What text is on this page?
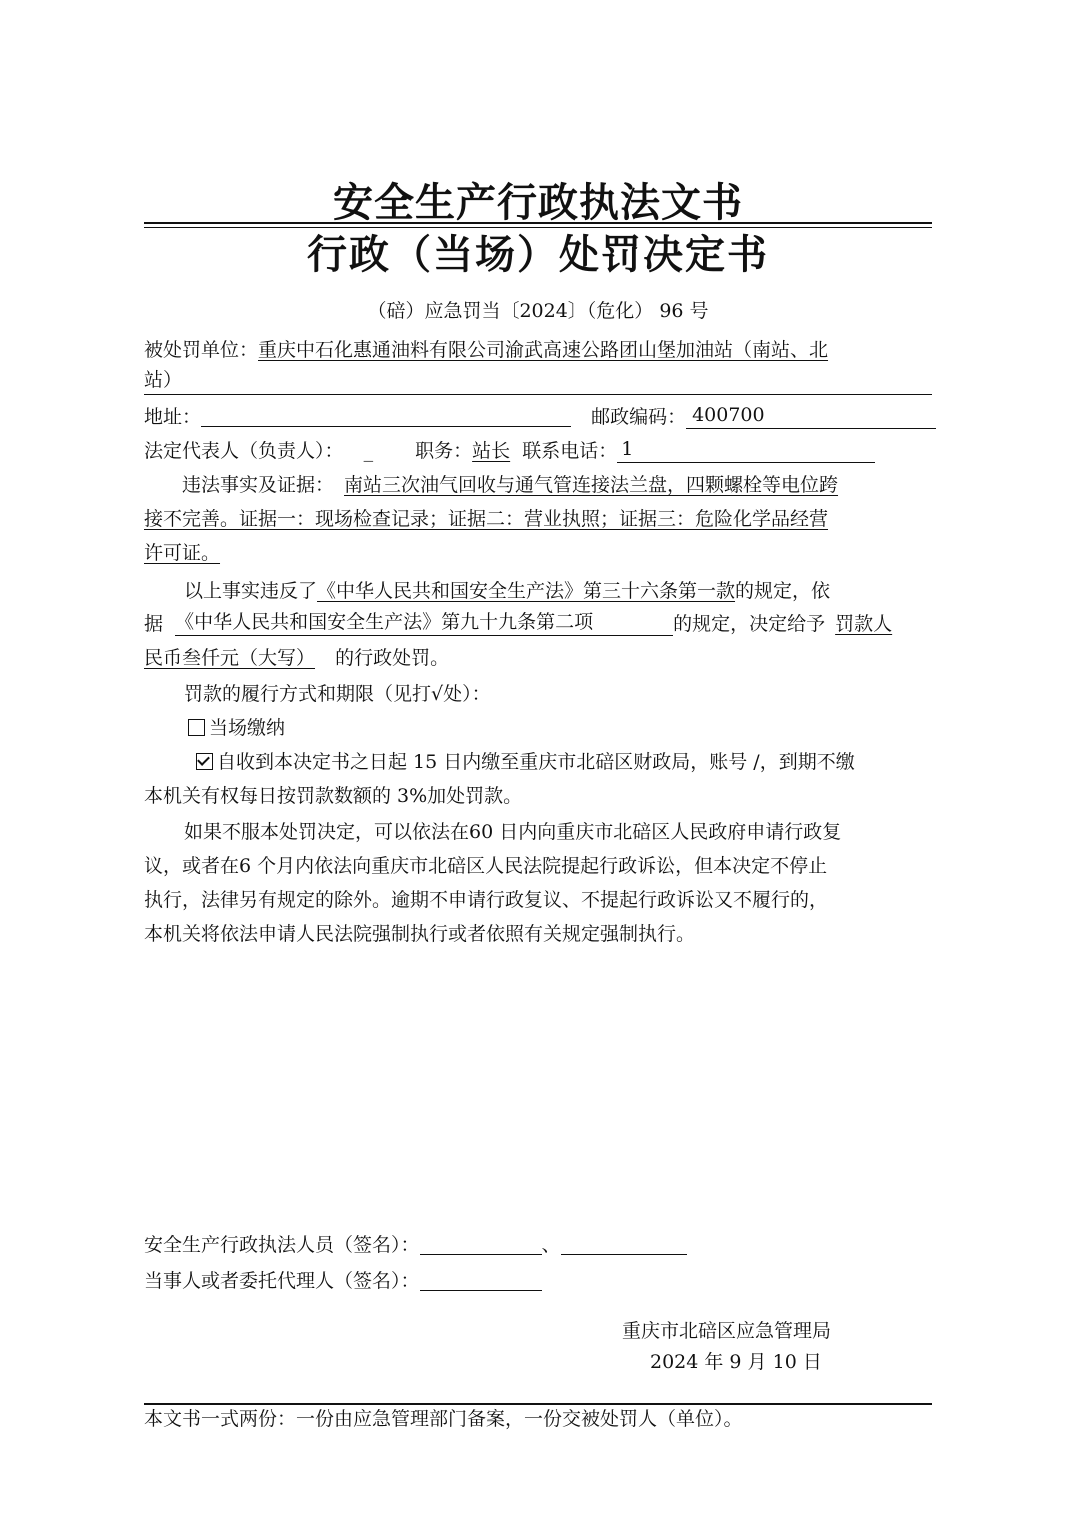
安全生产行政执法文书
行政（当场）处罚决定书
（碚）应急罚当〔2024〕（危化） 96 号
被处罚单位：重庆中石化惠通油料有限公司渝武高速公路团山堡加油站（南站、北
站）
地址：	邮政编码： 400700
法定代表人（负责人）： _ 职务：站长 联系电话： 1
违法事实及证据： 南站三次油气回收与通气管连接法兰盘，四颗螺栓等电位跨
接不完善。证据一：现场检查记录；证据二：营业执照；证据三：危险化学品经营
许可证。
以上事实违反了《中华人民共和国安全生产法》第三十六条第一款的规定，依
据 《中华人民共和国安全生产法》第九十九条第二项	的规定，决定给予 罚款人
民币叁仟元（大写） 的行政处罚。
罚款的履行方式和期限（见打√处）：
当场缴纳
自收到本决定书之日起 15 日内缴至重庆市北碚区财政局，账号 /，到期不缴
本机关有权每日按罚款数额的 3%加处罚款。
如果不服本处罚决定，可以依法在60 日内向重庆市北碚区人民政府申请行政复
议，或者在6 个月内依法向重庆市北碚区人民法院提起行政诉讼，但本决定不停止
执行，法律另有规定的除外。逾期不申请行政复议、不提起行政诉讼又不履行的，
本机关将依法申请人民法院强制执行或者依照有关规定强制执行。
安全生产行政执法人员（签名）：	、
当事人或者委托代理人（签名）：
重庆市北碚区应急管理局
2024 年 9 月 10 日
本文书一式两份：一份由应急管理部门备案，一份交被处罚人（单位）。
